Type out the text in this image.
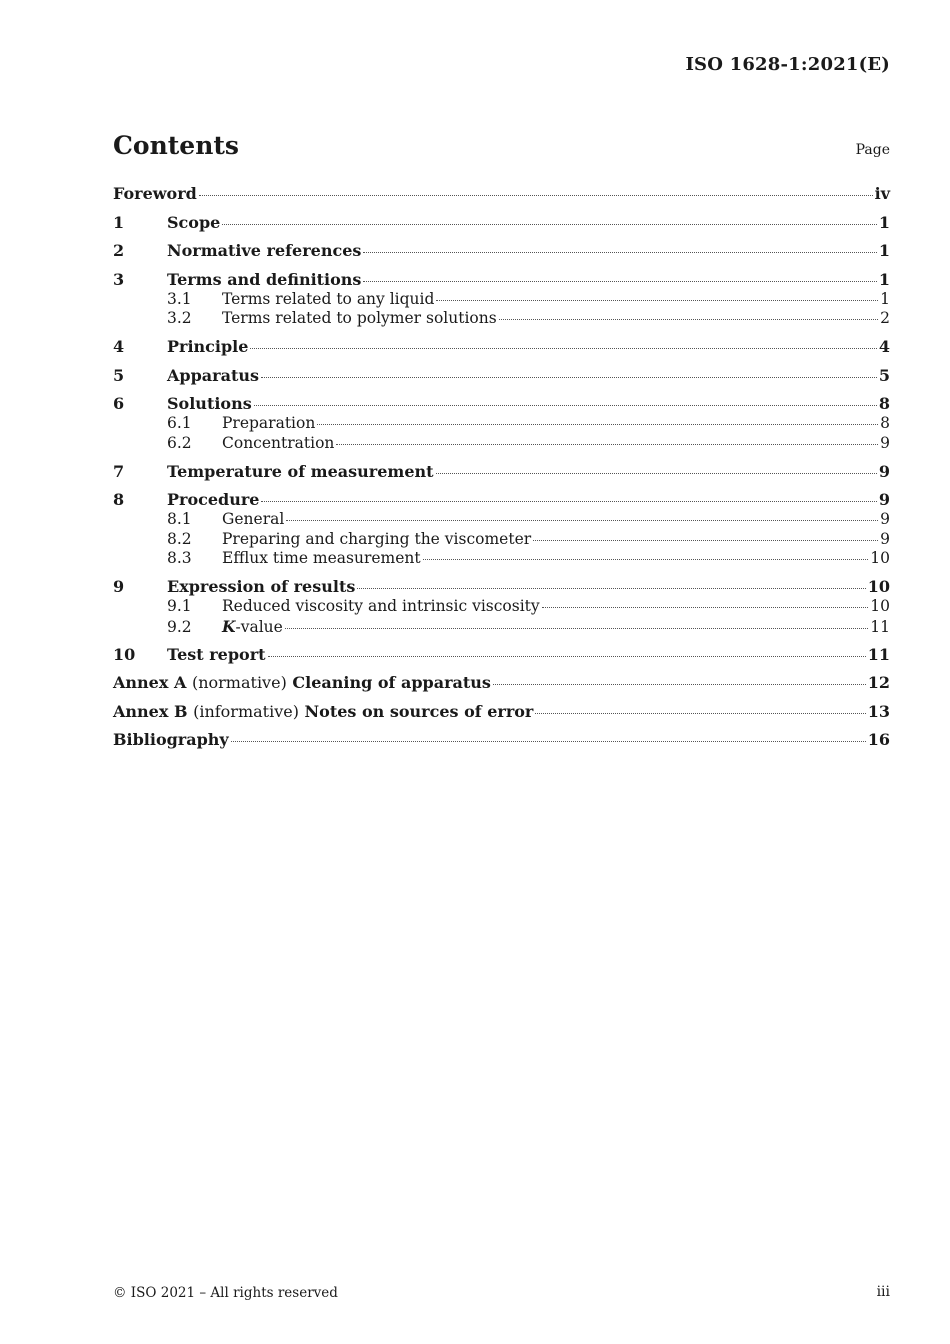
ISO 1628-1:2021(E)
Contents	Page
Foreword	iv
1	Scope	1
2	Normative references	1
3	Terms and definitions	1
3.1	Terms related to any liquid	1
3.2	Terms related to polymer solutions	2
4	Principle	4
5	Apparatus	5
6	Solutions	8
6.1	Preparation	8
6.2	Concentration	9
7	Temperature of measurement	9
8	Procedure	9
8.1	General	9
8.2	Preparing and charging the viscometer	9
8.3	Efflux time measurement	10
9	Expression of results	10
9.1	Reduced viscosity and intrinsic viscosity	10
9.2	K-value	11
10	Test report	11
Annex A (normative) Cleaning of apparatus	12
Annex B (informative) Notes on sources of error	13
Bibliography	16
© ISO 2021 – All rights reserved	iii
